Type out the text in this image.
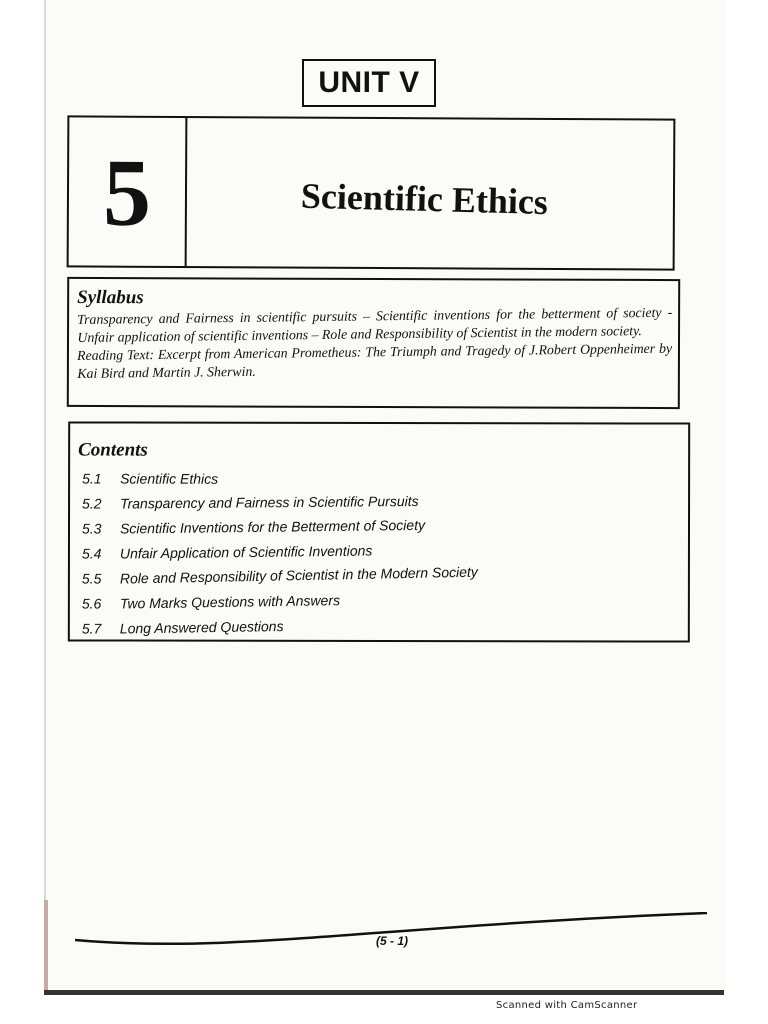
UNIT V
5	Scientific Ethics
Syllabus

Transparency and Fairness in scientific pursuits – Scientific inventions for the betterment of society - Unfair application of scientific inventions – Role and Responsibility of Scientist in the modern society.

Reading Text: Excerpt from American Prometheus: The Triumph and Tragedy of J.Robert Oppenheimer by Kai Bird and Martin J. Sherwin.

Contents
5.1	Scientific Ethics
5.2	Transparency and Fairness in Scientific Pursuits
5.3	Scientific Inventions for the Betterment of Society
5.4	Unfair Application of Scientific Inventions
5.5	Role and Responsibility of Scientist in the Modern Society
5.6	Two Marks Questions with Answers
5.7	Long Answered Questions
(5 - 1)
Scanned with CamScanner
